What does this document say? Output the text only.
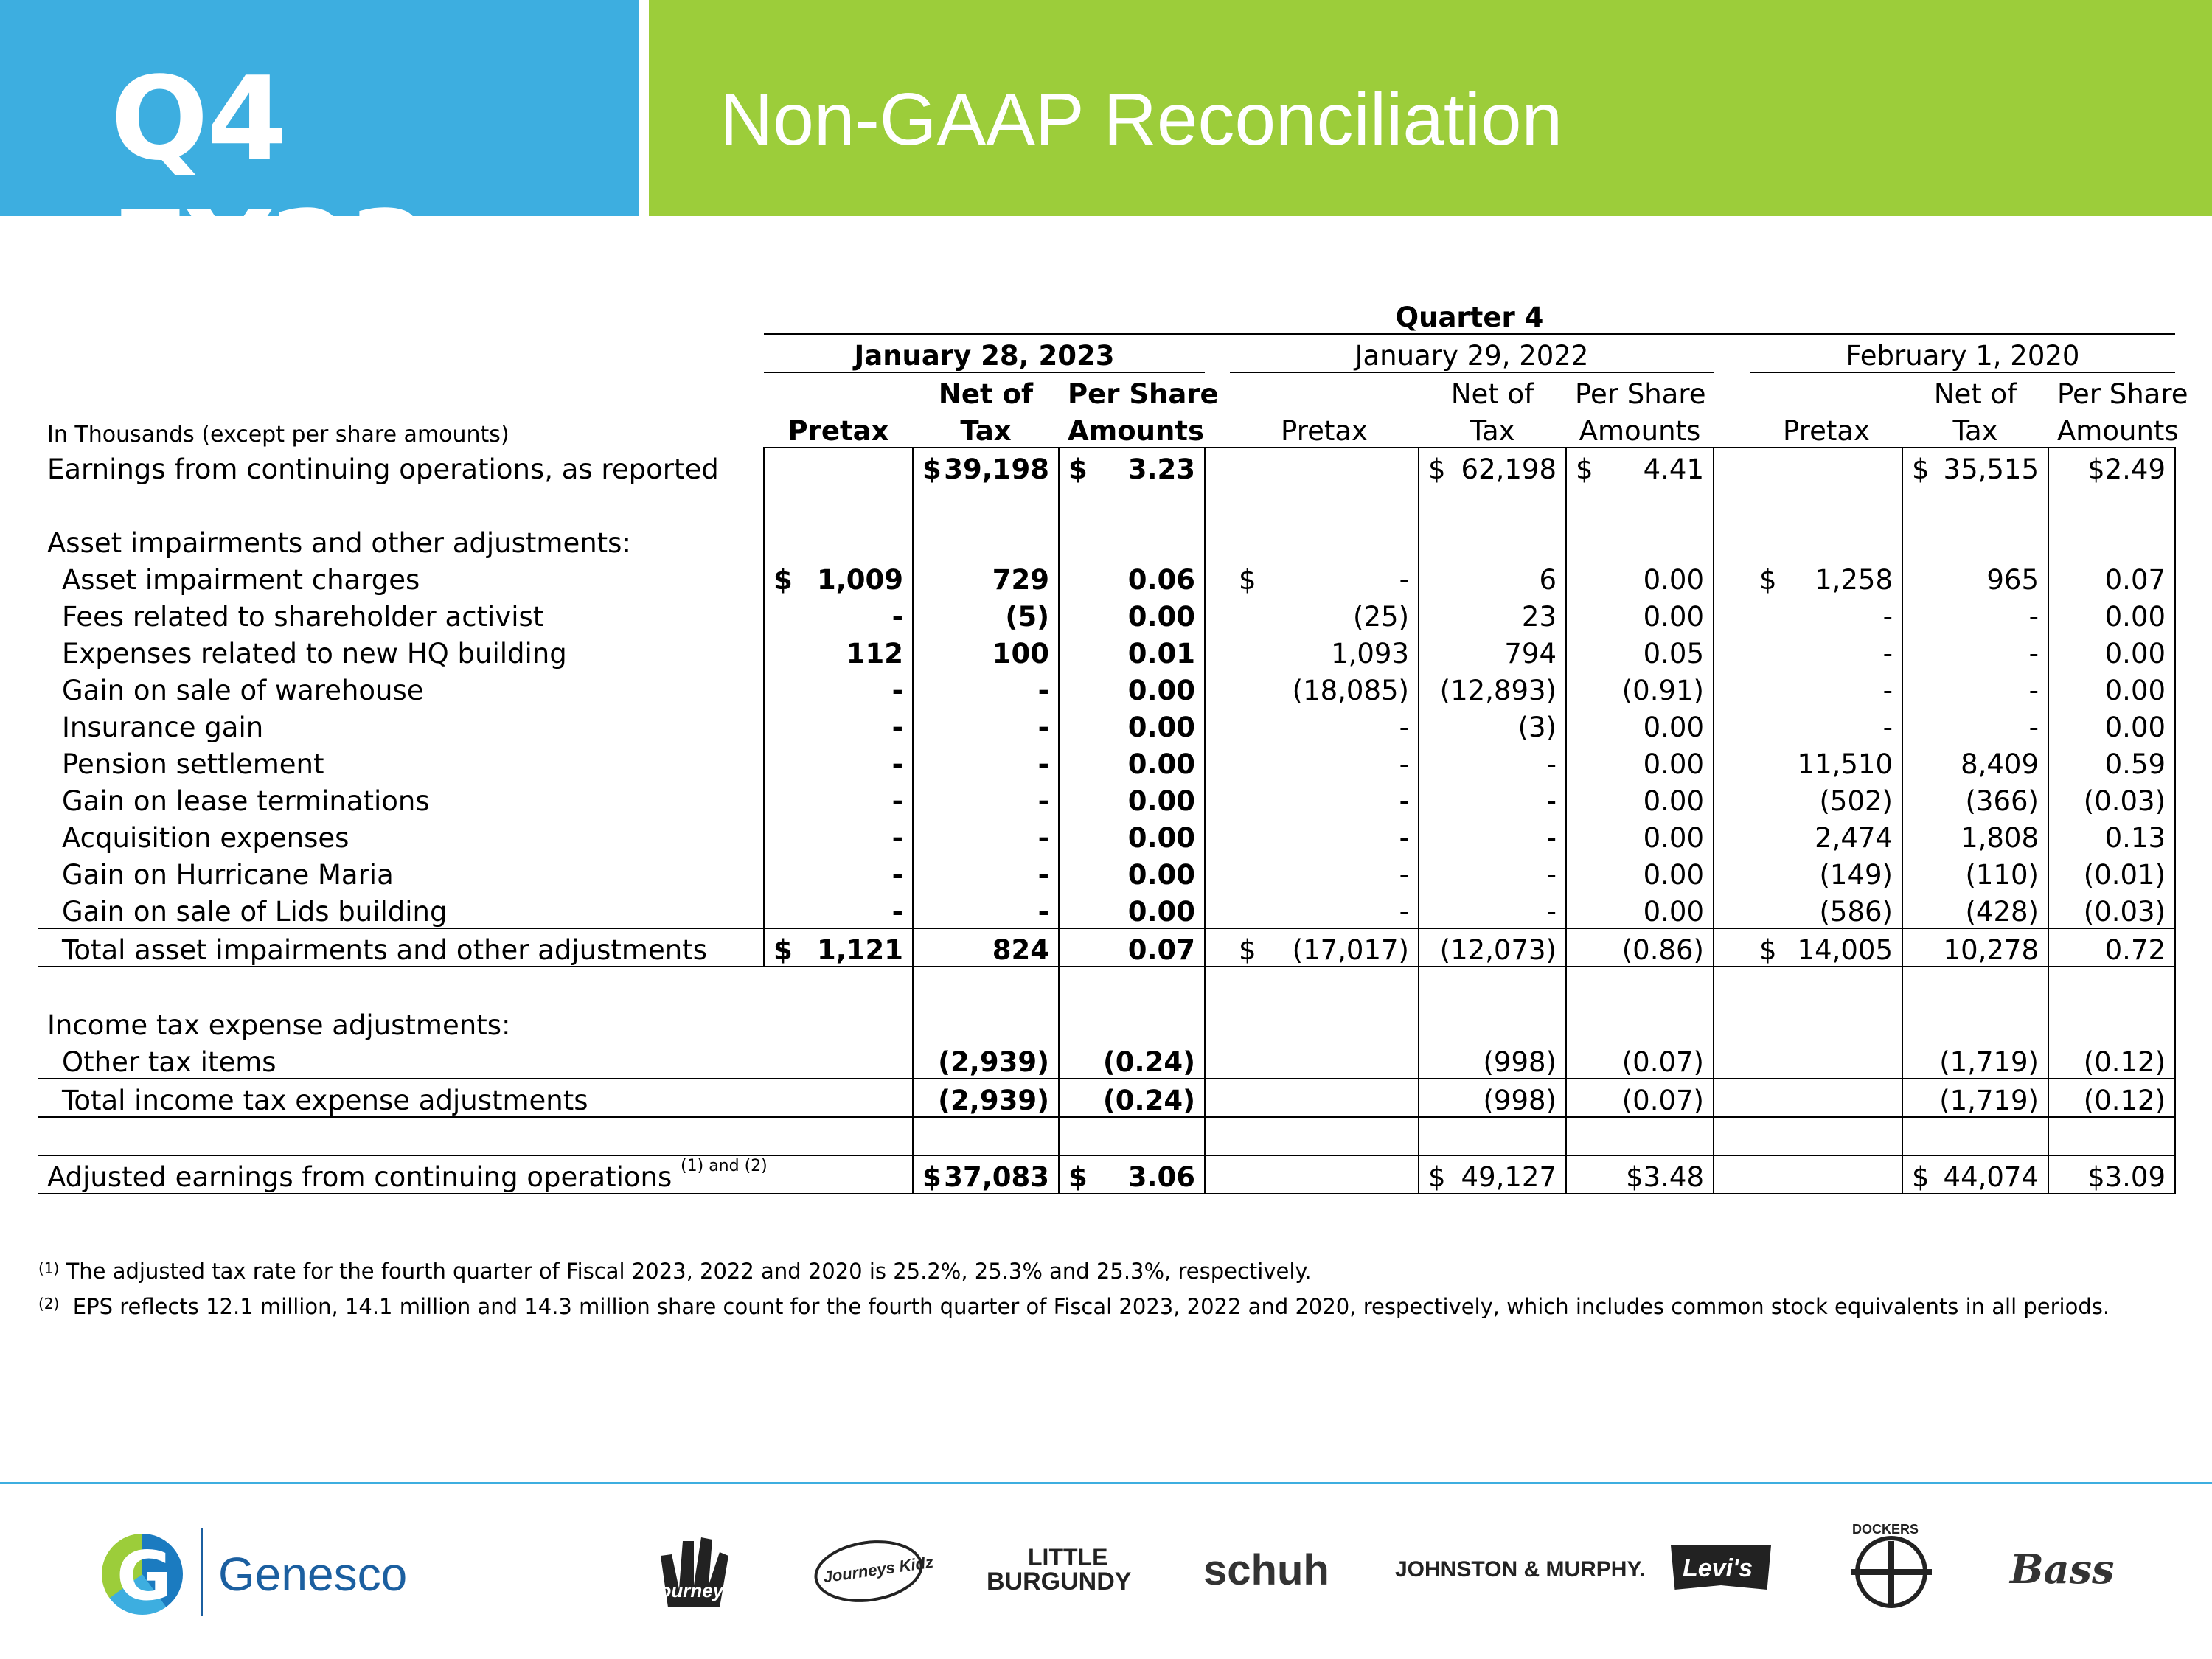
Q4 FY23
Non-GAAP Reconciliation
	Quarter 4										
	January 28, 2023				January 29, 2022				February 1, 2020		
		Net of	Per Share			Net of	Per Share			Net of	Per Share
In Thousands (except per share amounts)	Pretax	Tax	Amounts		Pretax	Tax	Amounts		Pretax	Tax	Amounts
Earnings from continuing operations, as reported		$ 39,198	$ 3.23			$ 62,198	$ 4.41			$ 35,515	$2.49

Asset impairments and other adjustments:											
Asset impairment charges	$ 1,009	729	0.06		$ -	6	0.00		$ 1,258	965	0.07
Fees related to shareholder activist	-	(5)	0.00		(25)	23	0.00		-	-	0.00
Expenses related to new HQ building	112	100	0.01		1,093	794	0.05		-	-	0.00
Gain on sale of warehouse	-	-	0.00		(18,085)	(12,893)	(0.91)		-	-	0.00
Insurance gain	-	-	0.00		-	(3)	0.00		-	-	0.00
Pension settlement	-	-	0.00		-	-	0.00		11,510	8,409	0.59
Gain on lease terminations	-	-	0.00		-	-	0.00		(502)	(366)	(0.03)
Acquisition expenses	-	-	0.00		-	-	0.00		2,474	1,808	0.13
Gain on Hurricane Maria	-	-	0.00		-	-	0.00		(149)	(110)	(0.01)
Gain on sale of Lids building	-	-	0.00		-	-	0.00		(586)	(428)	(0.03)
Total asset impairments and other adjustments	$ 1,121	824	0.07		$ (17,017)	(12,073)	(0.86)		$ 14,005	10,278	0.72

Income tax expense adjustments:											
Other tax items		(2,939)	(0.24)			(998)	(0.07)			(1,719)	(0.12)
Total income tax expense adjustments		(2,939)	(0.24)			(998)	(0.07)			(1,719)	(0.12)

Adjusted earnings from continuing operations $^{(1) and (2)}$		$ 37,083	$ 3.06			$ 49,127	$3.48			$ 44,074	$3.09
$^{(1)}$ The adjusted tax rate for the fourth quarter of Fiscal 2023, 2022 and 2020 is 25.2%, 25.3% and 25.3%, respectively.
$^{(2)}$ EPS reflects 12.1 million, 14.1 million and 14.3 million share count for the fourth quarter of Fiscal 2023, 2022 and 2020, respectively, which includes common stock equivalents in all periods.
G Genesco	Journeys
Journeys Kidz	LITTLE
BURGUNDY schuh	JOHNSTON & MURPHY. Levi's
DOCKERS
Bass
